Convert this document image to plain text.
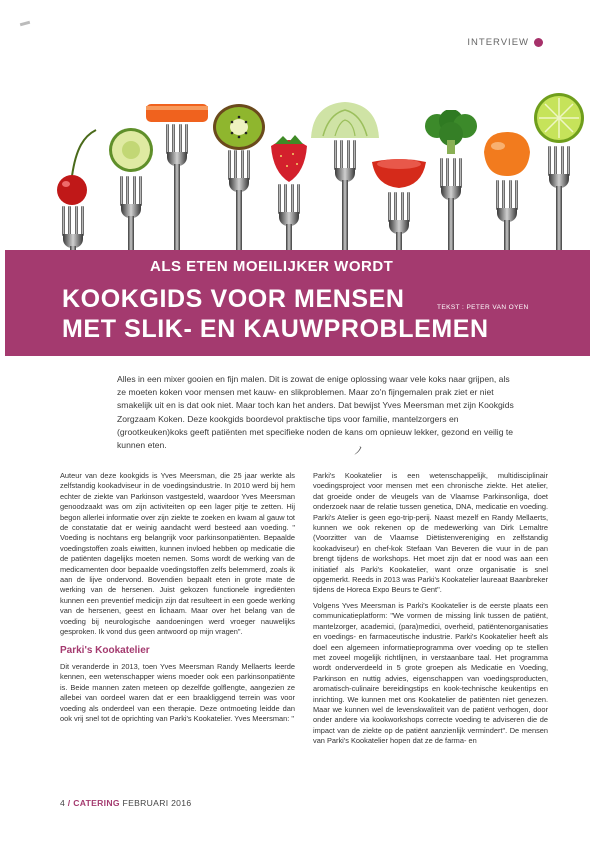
INTERVIEW
ALS ETEN MOEILIJKER WORDT
KOOKGIDS VOOR MENSEN
MET SLIK- EN KAUWPROBLEMEN
TEKST : PETER VAN OYEN
Alles in een mixer gooien en fijn malen. Dit is zowat de enige oplossing waar vele koks naar grijpen, als ze moeten koken voor mensen met kauw- en slikproblemen. Maar zo'n fijngemalen prak ziet er niet smakelijk uit en is dat ook niet. Maar toch kan het anders. Dat bewijst Yves Meersman met zijn Kookgids Zorgzaam Koken. Deze kookgids boordevol praktische tips voor familie, mantelzorgers en (grootkeuken)koks geeft patiënten met specifieke noden de kans om opnieuw lekker, gezond en veilig te kunnen eten.	ノ

Auteur van deze kookgids is Yves Meersman, die 25 jaar werkte als zelfstandig kookadviseur in de voedingsindustrie. In 2010 werd bij hem echter de ziekte van Parkinson vastgesteld, waardoor Yves Meersman genoodzaakt was om zijn activiteiten op een lager pitje te zetten. Hij begon allerlei informatie over zijn ziekte te zoeken en kwam al gauw tot de constatatie dat er weinig aandacht werd besteed aan voeding. " Voeding is nochtans erg belangrijk voor parkinsonpatiënten. Bepaalde voedingstoffen zoals eiwitten, kunnen invloed hebben op medicatie die de patiënten dagelijks moeten nemen. Soms wordt de werking van de medicamenten door bepaalde voedingstoffen zelfs belemmerd, zoals ik aan de lijve ondervond. Bovendien bepaalt eten in grote mate de werking van de hersenen. Juist gekozen functionele ingrediënten kunnen een preventief medicijn zijn dat resulteert in een goede werking van de hersenen, geest en lichaam. Maar over het belang van de voeding bij neurologische aandoeningen werd vroeger nauwelijks gesproken. Ik vond dus geen antwoord op mijn vragen".

Parki's Kookatelier

Dit veranderde in 2013, toen Yves Meersman Randy Mellaerts leerde kennen, een wetenschapper wiens moeder ook een parkinsonpatiënte is. Beide mannen zaten meteen op dezelfde golflengte, aangezien ze allebei van oordeel waren dat er een braakliggend terrein was voor voeding als onderdeel van een therapie. Deze ontmoeting leidde dan ook vrij snel tot de oprichting van Parki's Kookatelier. Yves Meersman: "

Parki's Kookatelier is een wetenschappelijk, multidisciplinair voedingsproject voor mensen met een chronische ziekte. Het atelier, dat groeide onder de vleugels van de Vlaamse Parkinsonliga, doet onderzoek naar de relatie tussen genetica, DNA, medicatie en voeding. Parki's Atelier is geen ego-trip-perij. Naast mezelf en Randy Mellaerts, kunnen we ook rekenen op de medewerking van Dirk Lemaltre (Voorzitter van de Vlaamse Diëtistenvereniging en zelfstandig kookadviseur) en chef-kok Stefaan Van Beveren die vuur in de pan brengt tijdens de workshops. Het moet zijn dat er nood was aan een initiatief als Parki's Kookatelier, want onze organisatie is snel opgemerkt. Reeds in 2013 was Parki's Kookatelier laureaat Baanbreker tijdens de Horeca Expo Beurs te Gent".

Volgens Yves Meersman is Parki's Kookatelier is de eerste plaats een communicatieplatform: "We vormen de missing link tussen de patiënt, mantelzorger, academici, (para)medici, overheid, patiëntenorganisaties en voedings- en farmaceutische industrie. Parki's Kookatelier heeft als doel een algemeen informatieprogramma over voeding op te stellen met zoveel mogelijk richtlijnen, in verstaanbare taal. Het programma wordt onderverdeeld in 5 grote groepen als Medicatie en Voeding, Parkinson en nuttig advies, eigenschappen van voedingsproducten, aromatisch-culinaire bereidingstips en kook-technische keukentips en inrichting. We kunnen met ons Kookatelier de patiënten niet genezen. Maar we kunnen wel de levenskwaliteit van de patiënt verhogen, door onder andere via kookworkshops correcte voeding te adviseren die de impact van de ziekte op de patiënt aanzienlijk vermindert". De mensen van Parki's Kookatelier hopen dat ze de farma- en

4 / CATERING FEBRUARI 2016
